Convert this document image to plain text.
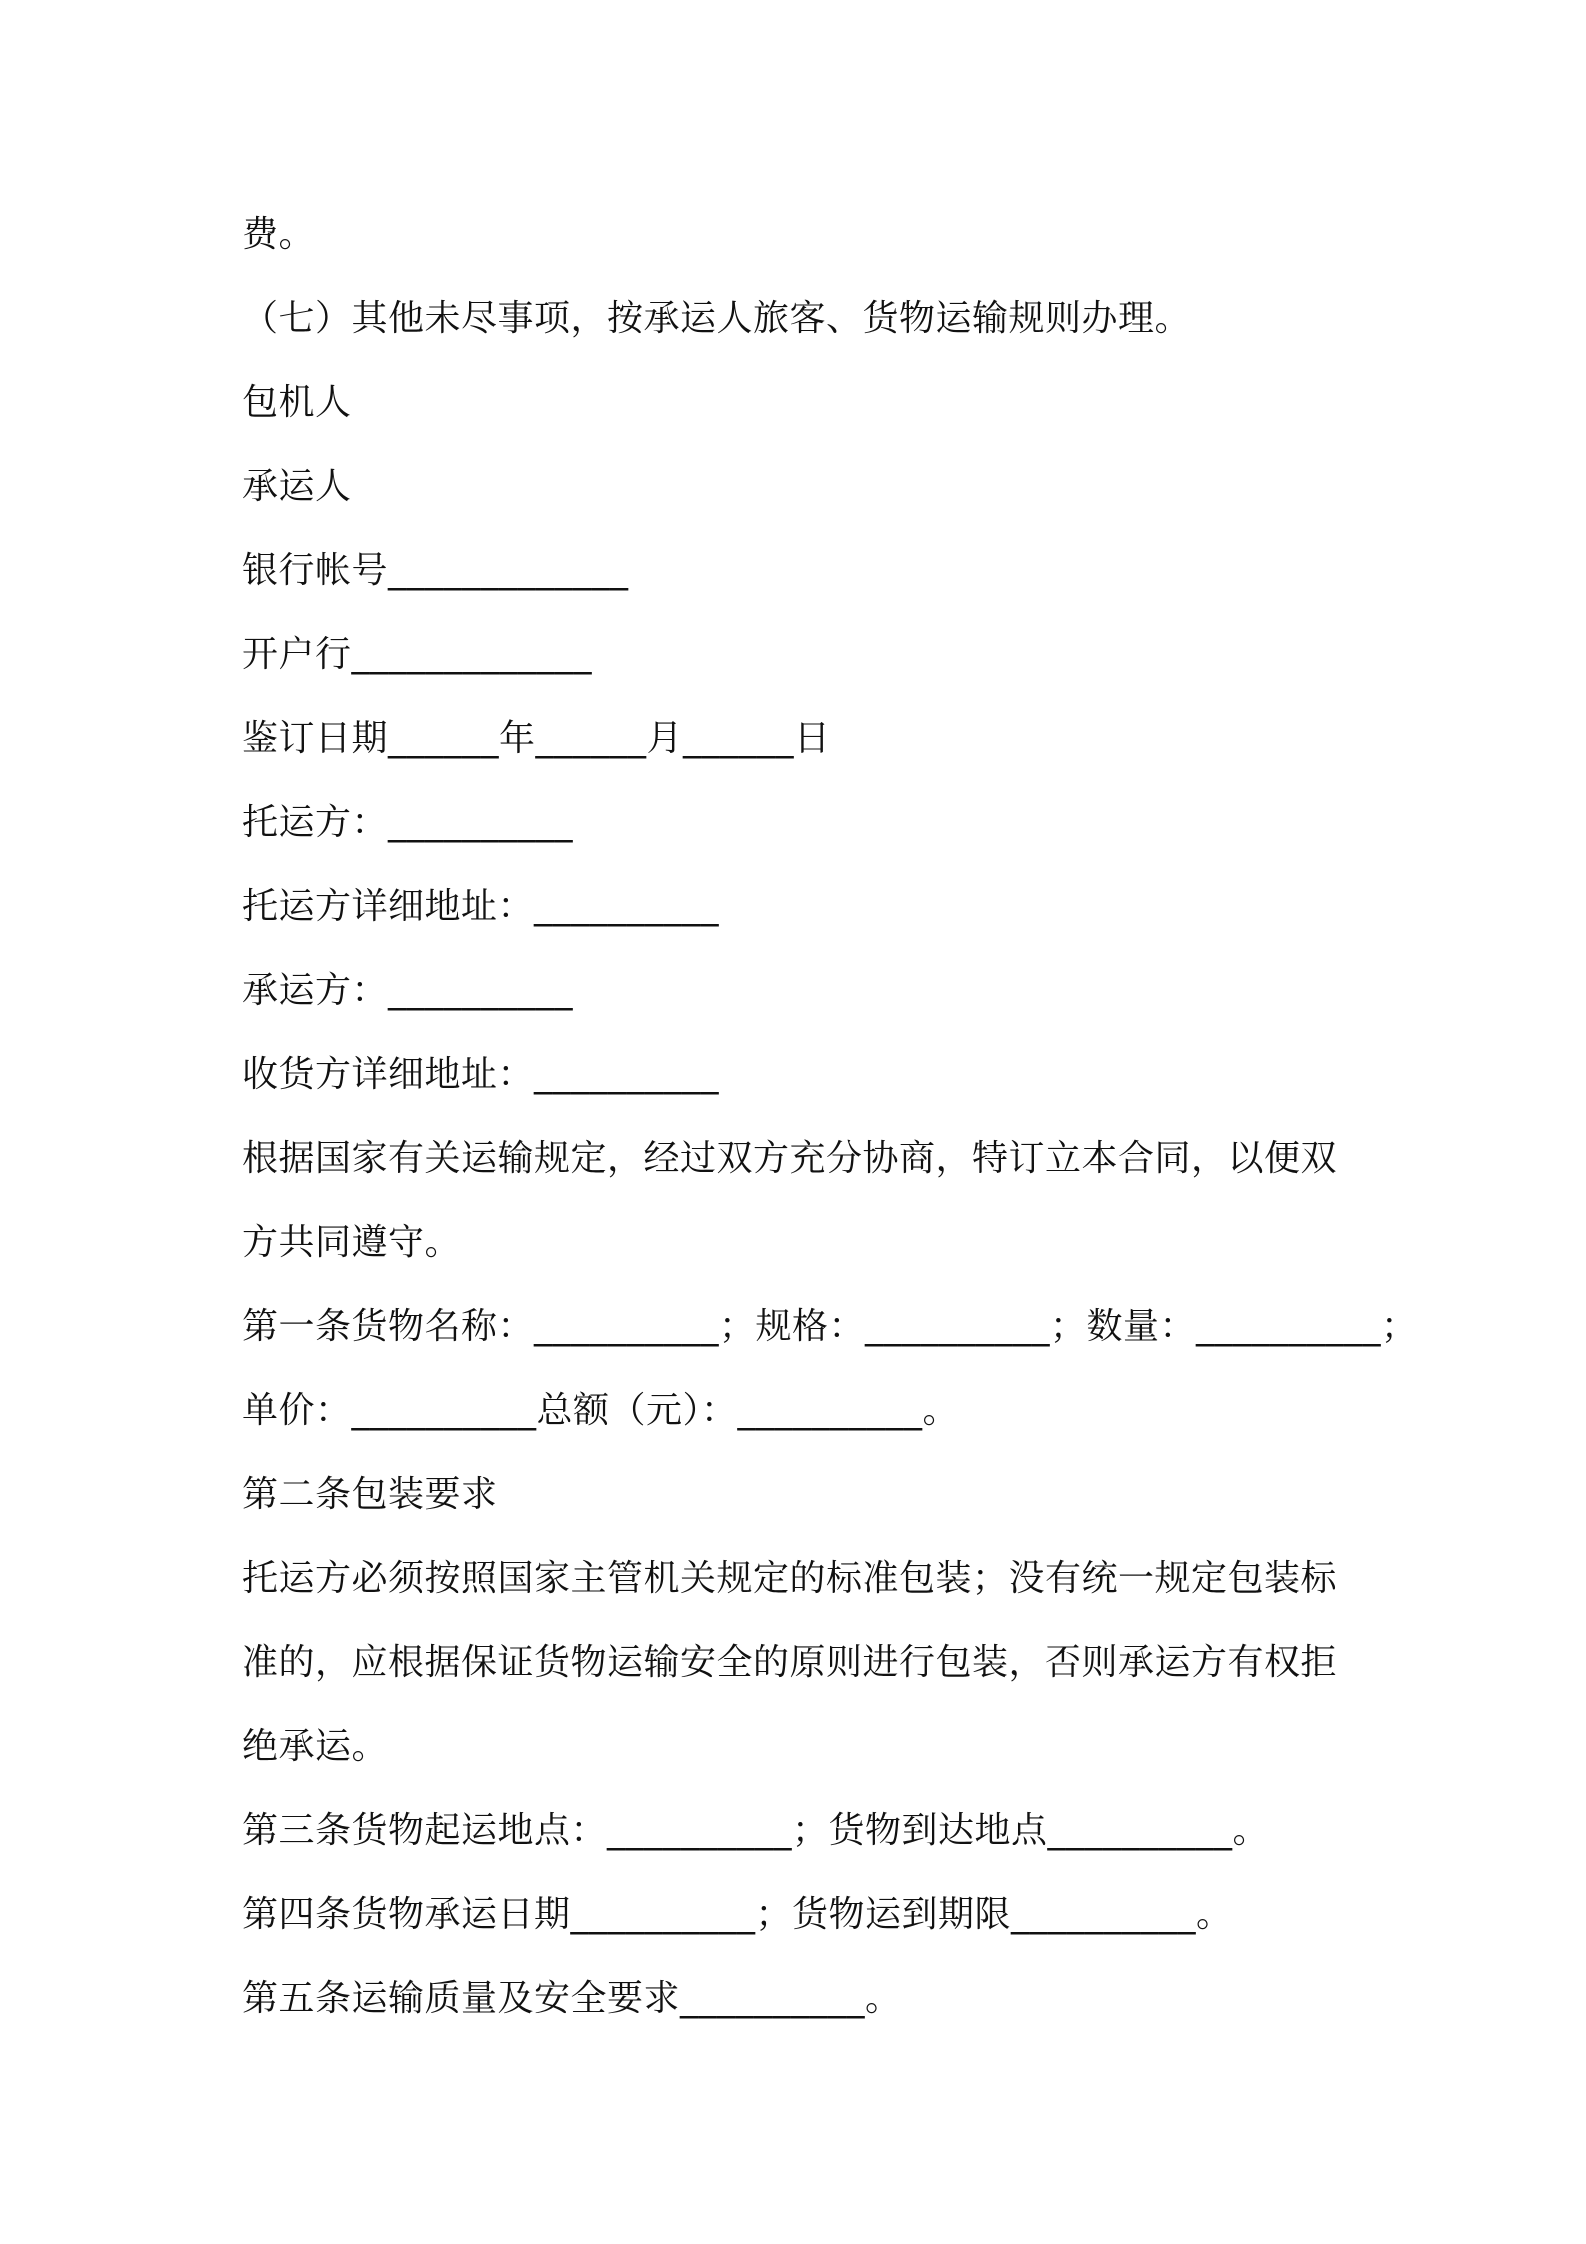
费。

（七）其他未尽事项，按承运人旅客、货物运输规则办理。

包机人

承运人

银行帐号_____________

开户行_____________

鉴订日期______年______月______日

托运方：__________

托运方详细地址：__________

承运方：__________

收货方详细地址：__________

根据国家有关运输规定，经过双方充分协商，特订立本合同，以便双方共同遵守。

第一条货物名称：__________；规格：__________；数量：__________；

单价：__________总额（元）：__________。

第二条包装要求

托运方必须按照国家主管机关规定的标准包装；没有统一规定包装标准的，应根据保证货物运输安全的原则进行包装，否则承运方有权拒绝承运。

第三条货物起运地点：__________；货物到达地点__________。

第四条货物承运日期__________；货物运到期限__________。

第五条运输质量及安全要求__________。
